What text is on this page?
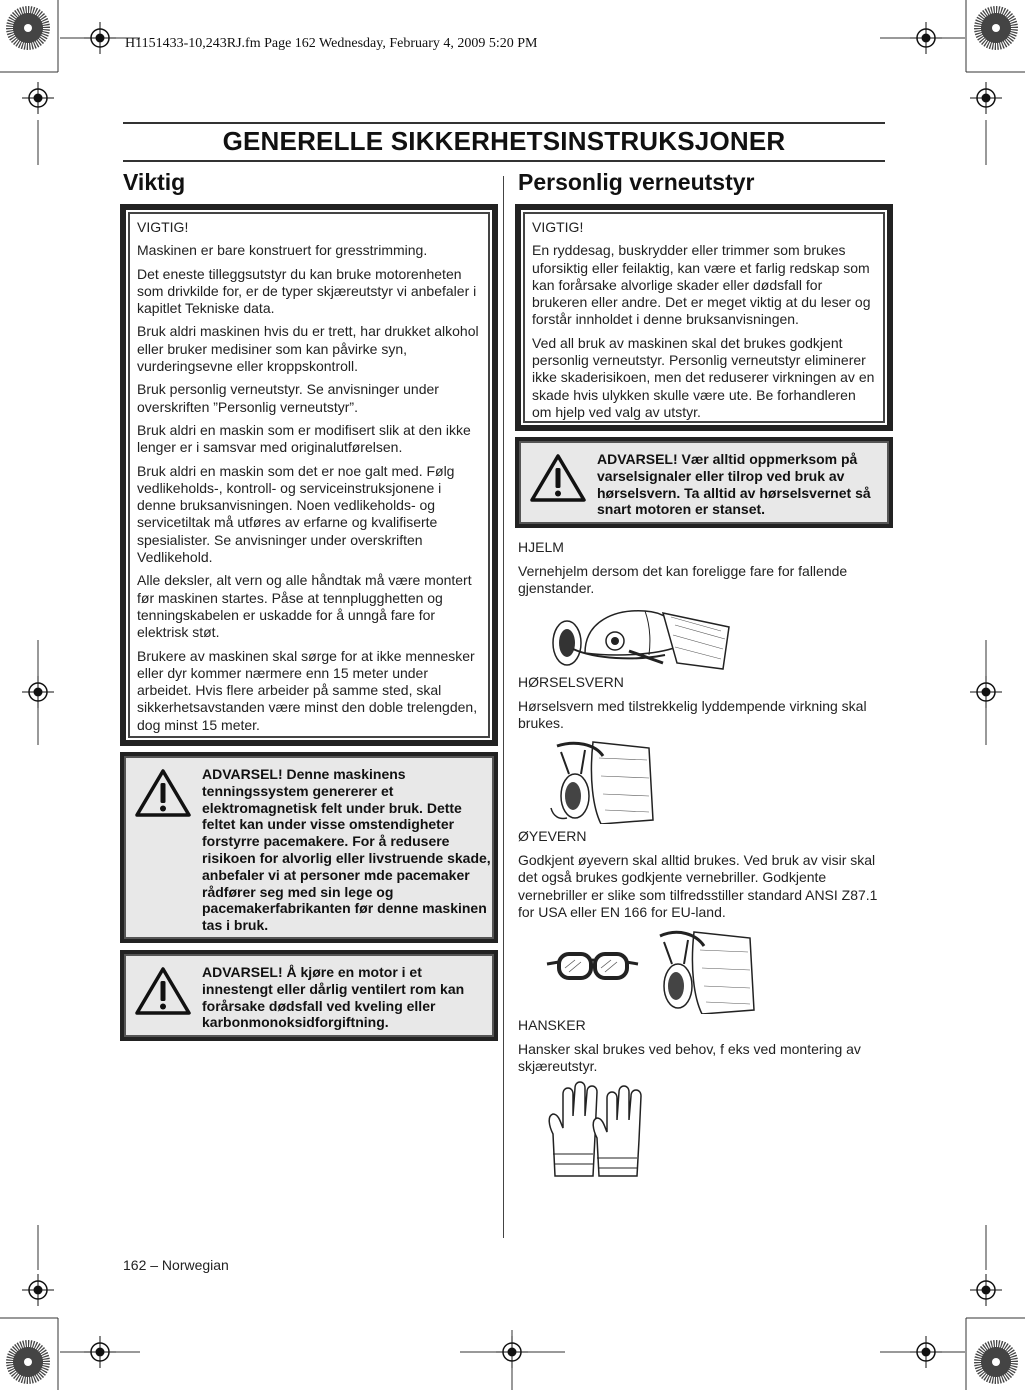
H1151433-10,243RJ.fm Page 162 Wednesday, February 4, 2009 5:20 PM
GENERELLE SIKKERHETSINSTRUKSJONER
Viktig

VIGTIG!

Maskinen er bare konstruert for gresstrimming.

Det eneste tilleggsutstyr du kan bruke motorenheten som drivkilde for, er de typer skjæreutstyr vi anbefaler i kapitlet Tekniske data.

Bruk aldri maskinen hvis du er trett, har drukket alkohol eller bruker medisiner som kan påvirke syn, vurderingsevne eller kroppskontroll.

Bruk personlig verneutstyr. Se anvisninger under overskriften ”Personlig verneutstyr”.

Bruk aldri en maskin som er modifisert slik at den ikke lenger er i samsvar med originalutførelsen.

Bruk aldri en maskin som det er noe galt med. Følg vedlikeholds-, kontroll- og serviceinstruksjonene i denne bruksanvisningen. Noen vedlikeholds- og servicetiltak må utføres av erfarne og kvalifiserte spesialister. Se anvisninger under overskriften Vedlikehold.

Alle deksler, alt vern og alle håndtak må være montert før maskinen startes. Påse at tennplugghetten og tenningskabelen er uskadde for å unngå fare for elektrisk støt.

Brukere av maskinen skal sørge for at ikke mennesker eller dyr kommer nærmere enn 15 meter under arbeidet. Hvis flere arbeider på samme sted, skal sikkerhetsavstanden være minst den doble trelengden, dog minst 15 meter.

ADVARSEL! Denne maskinens tenningssystem genererer et elektromagnetisk felt under bruk. Dette feltet kan under visse omstendigheter forstyrre pacemakere. For å redusere risikoen for alvorlig eller livstruende skade, anbefaler vi at personer mde pacemaker rådfører seg med sin lege og pacemakerfabrikanten før denne maskinen tas i bruk.

ADVARSEL! Å kjøre en motor i et innestengt eller dårlig ventilert rom kan forårsake dødsfall ved kveling eller karbonmonoksidforgiftning.

Personlig verneutstyr

VIGTIG!

En ryddesag, buskrydder eller trimmer som brukes uforsiktig eller feilaktig, kan være et farlig redskap som kan forårsake alvorlige skader eller dødsfall for brukeren eller andre. Det er meget viktig at du leser og forstår innholdet i denne bruksanvisningen.

Ved all bruk av maskinen skal det brukes godkjent personlig verneutstyr. Personlig verneutstyr eliminerer ikke skaderisikoen, men det reduserer virkningen av en skade hvis ulykken skulle være ute. Be forhandleren om hjelp ved valg av utstyr.

ADVARSEL! Vær alltid oppmerksom på varselsignaler eller tilrop ved bruk av hørselsvern. Ta alltid av hørselsvernet så snart motoren er stanset.

HJELM

Vernehjelm dersom det kan foreligge fare for fallende gjenstander.

HØRSELSVERN

Hørselsvern med tilstrekkelig lyddempende virkning skal brukes.

ØYEVERN

Godkjent øyevern skal alltid brukes. Ved bruk av visir skal det også brukes godkjente vernebriller. Godkjente vernebriller er slike som tilfredsstiller standard ANSI Z87.1 for USA eller EN 166 for EU-land.

HANSKER

Hansker skal brukes ved behov, f eks ved montering av skjæreutstyr.

162 – Norwegian
